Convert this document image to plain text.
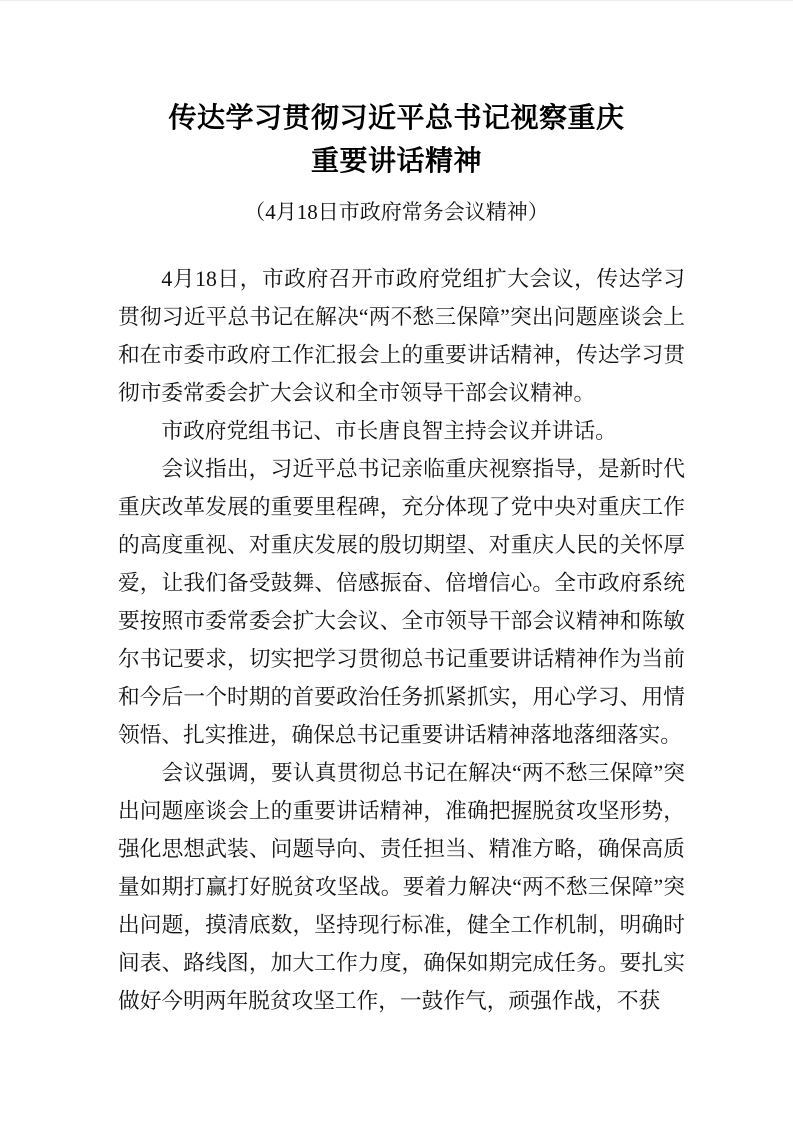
传达学习贯彻习近平总书记视察重庆
重要讲话精神
（4月18日市政府常务会议精神）

4月18日，市政府召开市政府党组扩大会议，传达学习贯彻习近平总书记在解决“两不愁三保障”突出问题座谈会上和在市委市政府工作汇报会上的重要讲话精神，传达学习贯彻市委常委会扩大会议和全市领导干部会议精神。

市政府党组书记、市长唐良智主持会议并讲话。

会议指出，习近平总书记亲临重庆视察指导，是新时代重庆改革发展的重要里程碑，充分体现了党中央对重庆工作的高度重视、对重庆发展的殷切期望、对重庆人民的关怀厚爱，让我们备受鼓舞、倍感振奋、倍增信心。全市政府系统要按照市委常委会扩大会议、全市领导干部会议精神和陈敏尔书记要求，切实把学习贯彻总书记重要讲话精神作为当前和今后一个时期的首要政治任务抓紧抓实，用心学习、用情领悟、扎实推进，确保总书记重要讲话精神落地落细落实。

会议强调，要认真贯彻总书记在解决“两不愁三保障”突出问题座谈会上的重要讲话精神，准确把握脱贫攻坚形势，强化思想武装、问题导向、责任担当、精准方略，确保高质量如期打赢打好脱贫攻坚战。要着力解决“两不愁三保障”突出问题，摸清底数，坚持现行标准，健全工作机制，明确时间表、路线图，加大工作力度，确保如期完成任务。要扎实做好今明两年脱贫攻坚工作，一鼓作气，顽强作战，不获
